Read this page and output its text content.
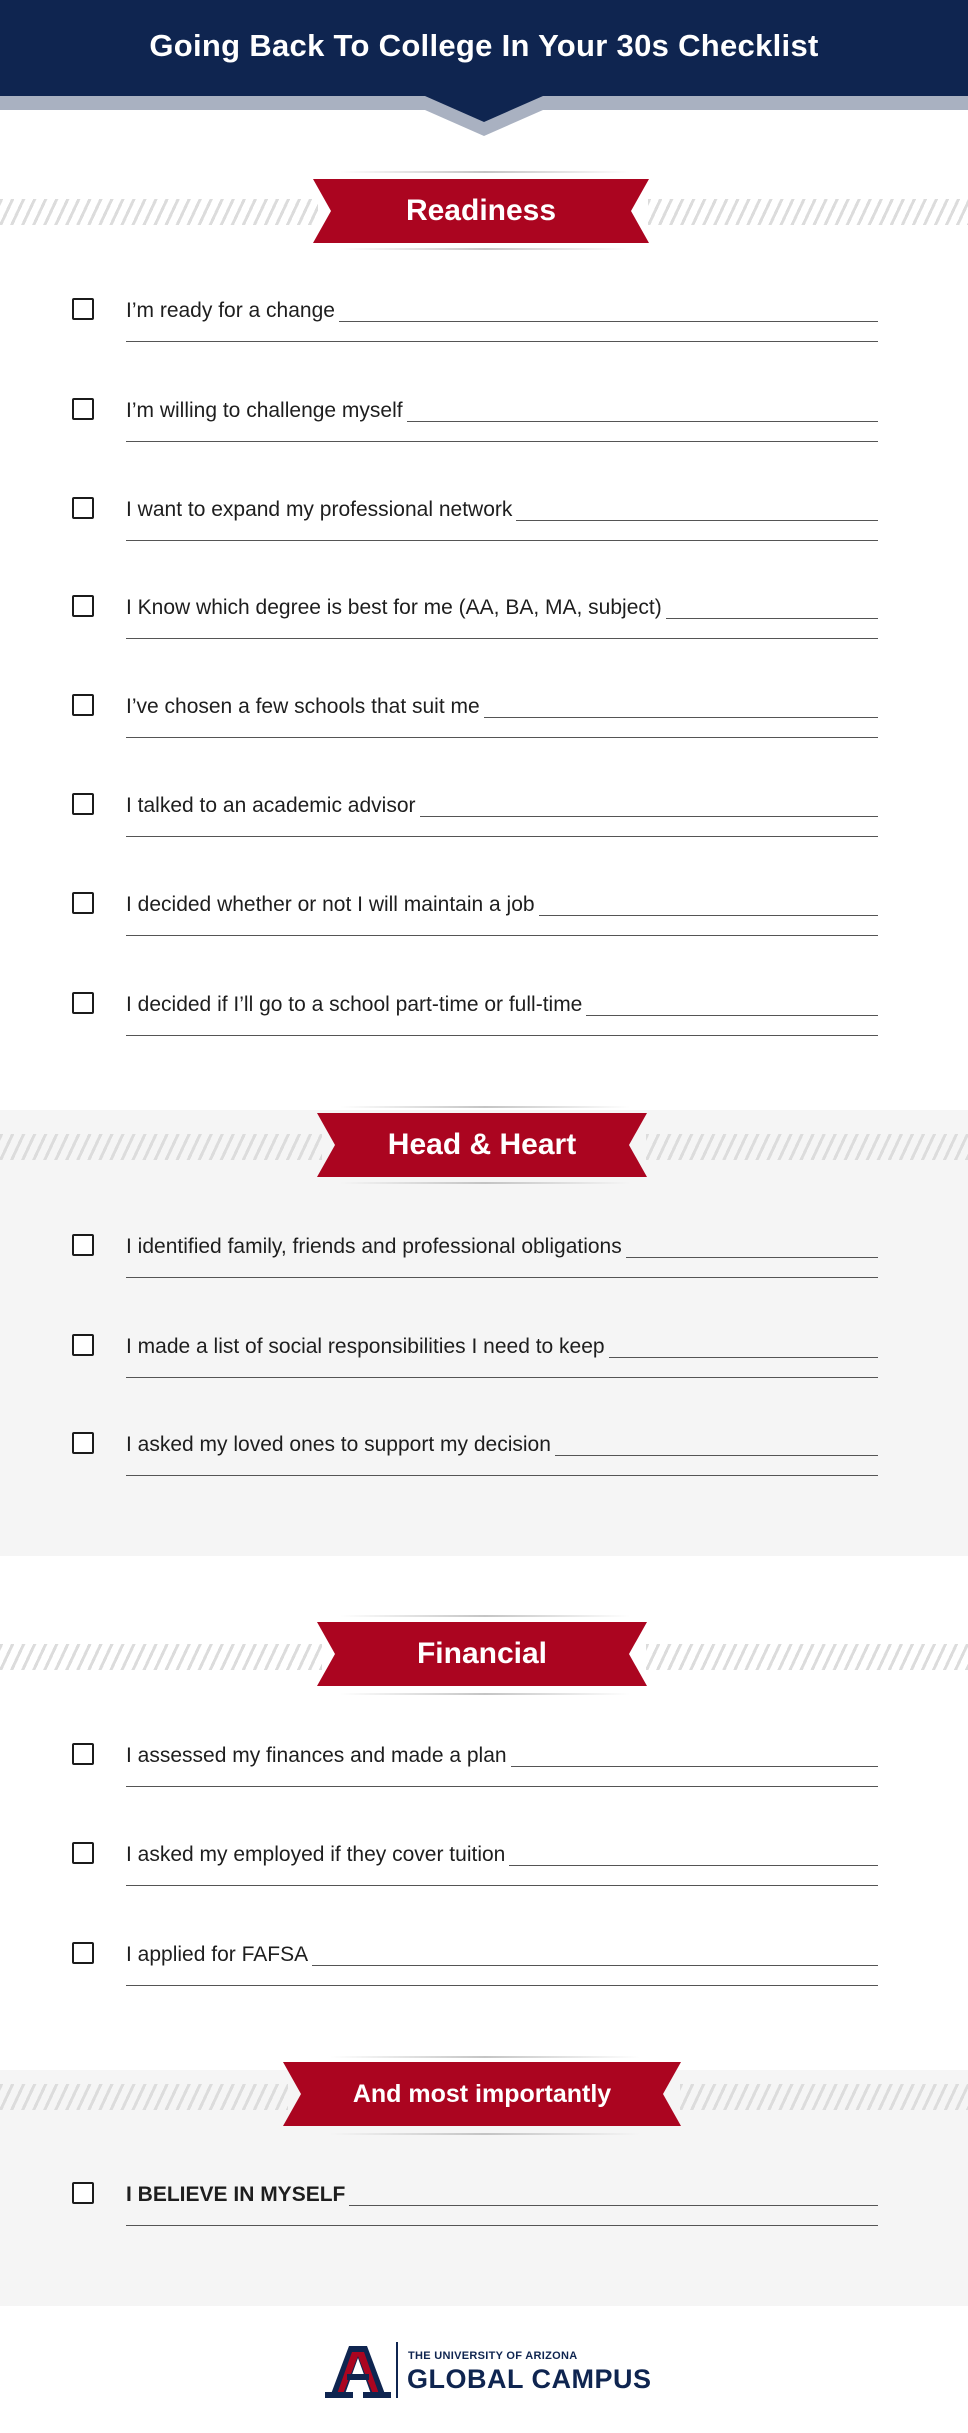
Going Back To College In Your 30s Checklist
Readiness
I’m ready for a change
I’m willing to challenge myself
I want to expand my professional network
I Know which degree is best for me (AA, BA, MA, subject)
I’ve chosen a few schools that suit me
I talked to an academic advisor
I decided whether or not I will maintain a job
I decided if I’ll go to a school part-time or full-time
Head & Heart
I identified family, friends and professional obligations
I made a list of social responsibilities I need to keep
I asked my loved ones to support my decision
Financial
I assessed my finances and made a plan
I asked my employed if they cover tuition
I applied for FAFSA
And most importantly
I BELIEVE IN MYSELF
THE UNIVERSITY OF ARIZONA
GLOBAL CAMPUS
